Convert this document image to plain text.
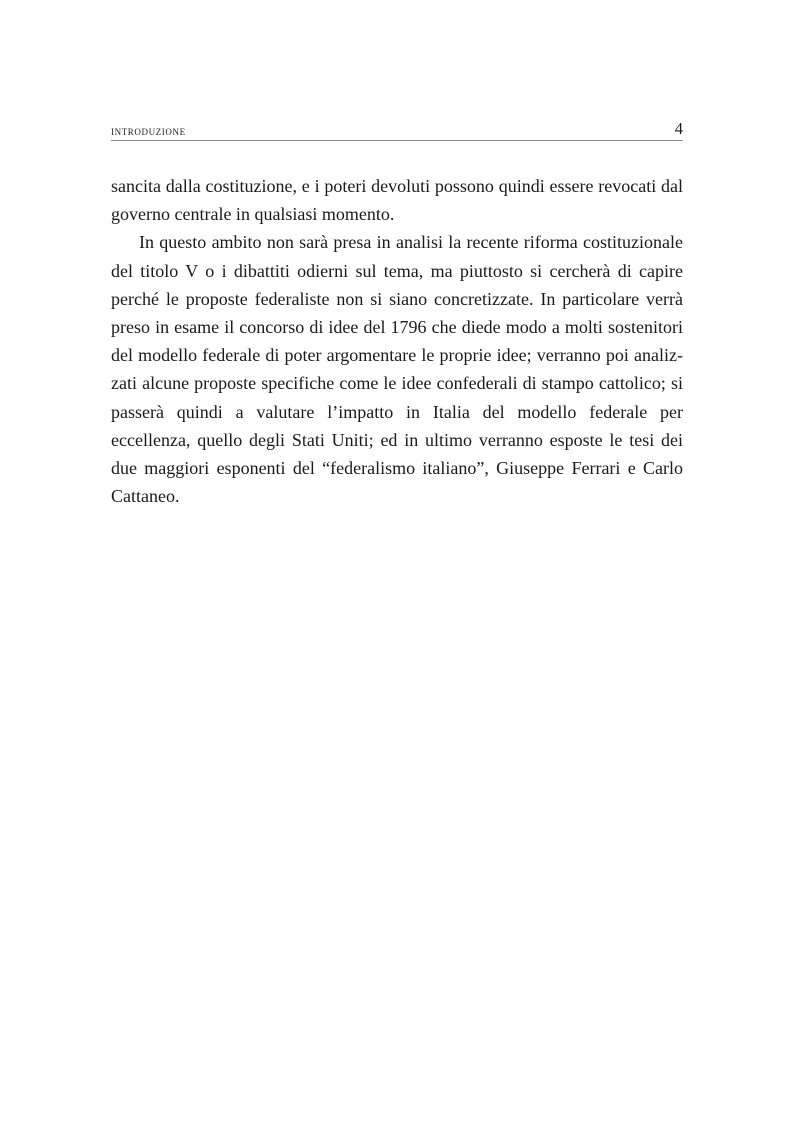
introduzione	4

sancita dalla costituzione, e i poteri devoluti possono quindi essere revocati dal governo centrale in qualsiasi momento.

In questo ambito non sarà presa in analisi la recente riforma costituzionale del titolo V o i dibattiti odierni sul tema, ma piuttosto si cercherà di capire perché le proposte federaliste non si siano concretizzate. In particolare verrà preso in esame il concorso di idee del 1796 che diede modo a molti sostenitori del modello federale di poter argomentare le proprie idee; verranno poi analizzati alcune proposte specifiche come le idee confederali di stampo cattolico; si passerà quindi a valutare l’impatto in Italia del modello federale per eccellenza, quello degli Stati Uniti; ed in ultimo verranno esposte le tesi dei due maggiori esponenti del “federalismo italiano”, Giuseppe Ferrari e Carlo Cattaneo.
